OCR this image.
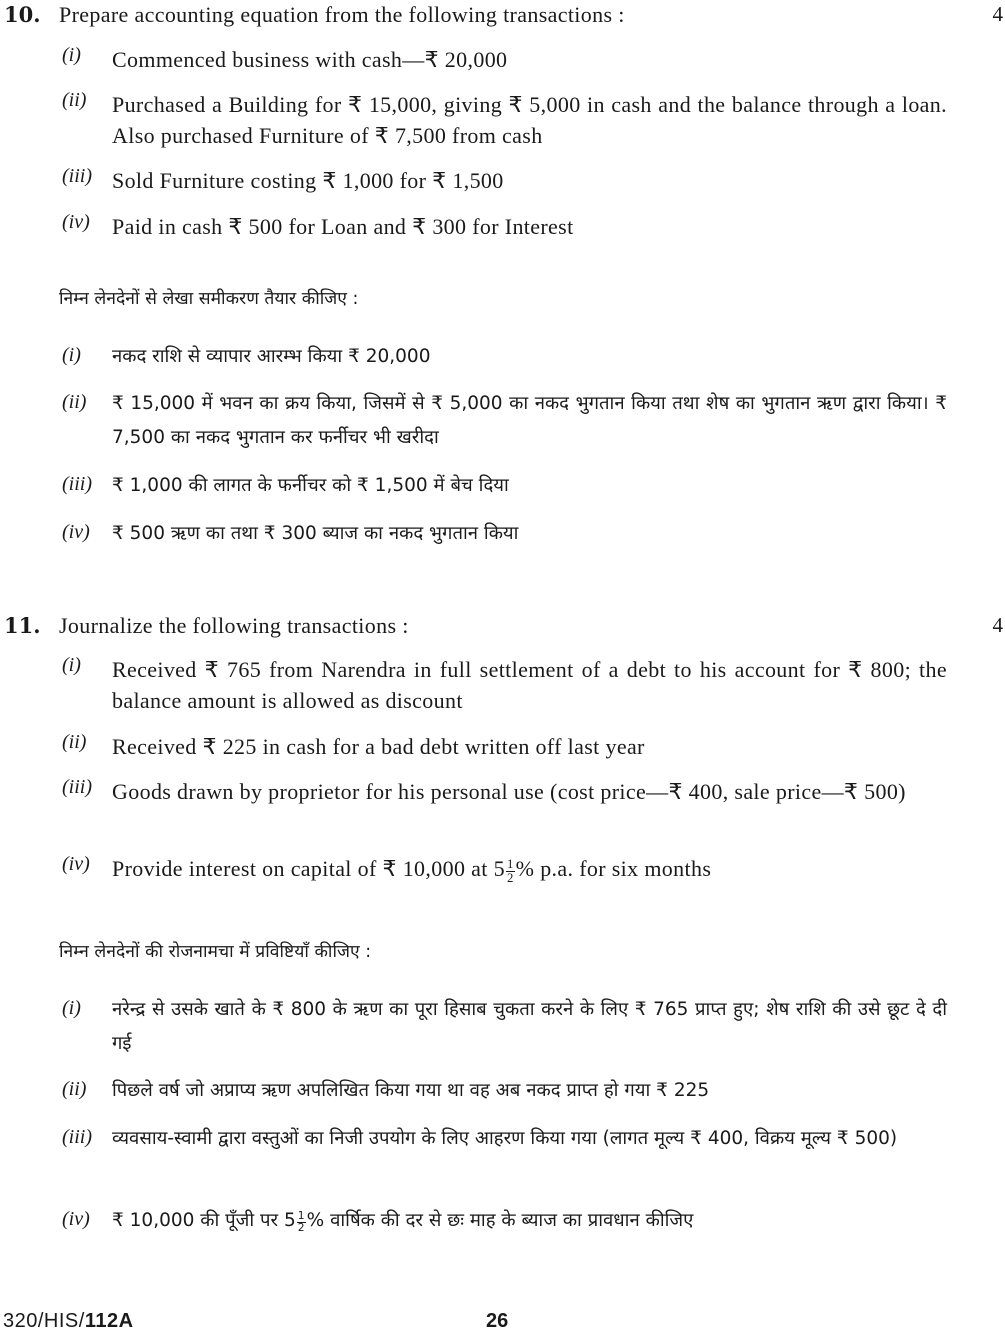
10. Prepare accounting equation from the following transactions :	4
(i) Commenced business with cash—₹ 20,000

(ii) Purchased a Building for ₹ 15,000, giving ₹ 5,000 in cash and the balance through a loan. Also purchased Furniture of ₹ 7,500 from cash

(iii) Sold Furniture costing ₹ 1,000 for ₹ 1,500

(iv) Paid in cash ₹ 500 for Loan and ₹ 300 for Interest

निम्न लेनदेनों से लेखा समीकरण तैयार कीजिए :
(i) नकद राशि से व्यापार आरम्भ किया ₹ 20,000

(ii) ₹ 15,000 में भवन का क्रय किया, जिसमें से ₹ 5,000 का नकद भुगतान किया तथा शेष का भुगतान ऋण द्वारा किया। ₹ 7,500 का नकद भुगतान कर फर्नीचर भी खरीदा

(iii) ₹ 1,000 की लागत के फर्नीचर को ₹ 1,500 में बेच दिया

(iv) ₹ 500 ऋण का तथा ₹ 300 ब्याज का नकद भुगतान किया

11. Journalize the following transactions :	4
(i) Received ₹ 765 from Narendra in full settlement of a debt to his account for ₹ 800; the balance amount is allowed as discount

(ii) Received ₹ 225 in cash for a bad debt written off last year

(iii) Goods drawn by proprietor for his personal use (cost price—₹ 400, sale price—₹ 500)

(iv) Provide interest on capital of ₹ 10,000 at $5 \frac{1}{2}$ % p.a. for six months

निम्न लेनदेनों की रोजनामचा में प्रविष्टियाँ कीजिए :
(i) नरेन्द्र से उसके खाते के ₹ 800 के ऋण का पूरा हिसाब चुकता करने के लिए ₹ 765 प्राप्त हुए; शेष राशि की उसे छूट दे दी गई

(ii) पिछले वर्ष जो अप्राप्य ऋण अपलिखित किया गया था वह अब नकद प्राप्त हो गया ₹ 225

(iii) व्यवसाय-स्वामी द्वारा वस्तुओं का निजी उपयोग के लिए आहरण किया गया (लागत मूल्य ₹ 400, विक्रय मूल्य ₹ 500)

(iv) ₹ 10,000 की पूँजी पर $5 \frac{1}{2}$ % वार्षिक की दर से छः माह के ब्याज का प्रावधान कीजिए

320/HIS/112A	26
